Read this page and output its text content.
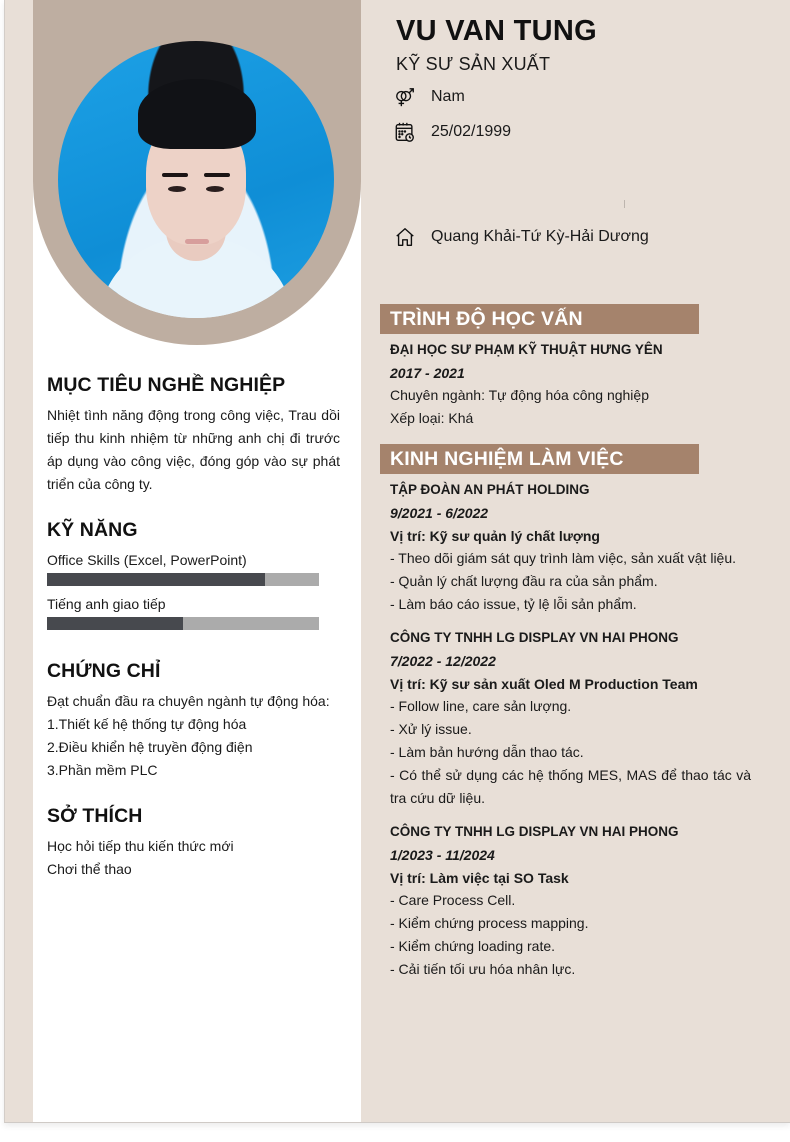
MỤC TIÊU NGHỀ NGHIỆP
Nhiệt tình năng động trong công việc, Trau dồi tiếp thu kinh nhiệm từ những anh chị đi trước áp dụng vào công việc, đóng góp vào sự phát triển của công ty.
KỸ NĂNG
Office Skills (Excel, PowerPoint)
Tiếng anh giao tiếp
CHỨNG CHỈ
Đạt chuẩn đầu ra chuyên ngành tự động hóa:
1.Thiết kế hệ thống tự động hóa
2.Điều khiển hệ truyền động điện
3.Phần mềm PLC
SỞ THÍCH
Học hỏi tiếp thu kiến thức mới
Chơi thể thao
VU VAN TUNG
KỸ SƯ SẢN XUẤT
Nam
25/02/1999
Quang Khải-Tứ Kỳ-Hải Dương
TRÌNH ĐỘ HỌC VẤN
ĐẠI HỌC SƯ PHẠM KỸ THUẬT HƯNG YÊN
2017 - 2021
Chuyên ngành: Tự động hóa công nghiệp
Xếp loại: Khá
KINH NGHIỆM LÀM VIỆC
TẬP ĐOÀN AN PHÁT HOLDING
9/2021 - 6/2022
Vị trí: Kỹ sư quản lý chất lượng
- Theo dõi giám sát quy trình làm việc, sản xuất vật liệu.
- Quản lý chất lượng đầu ra của sản phẩm.
- Làm báo cáo issue, tỷ lệ lỗi sản phẩm.
CÔNG TY TNHH LG DISPLAY VN HAI PHONG
7/2022 - 12/2022
Vị trí: Kỹ sư sản xuất Oled M Production Team
- Follow line, care sản lượng.
- Xử lý issue.
- Làm bản hướng dẫn thao tác.
- Có thể sử dụng các hệ thống MES, MAS để thao tác và tra cứu dữ liệu.
CÔNG TY TNHH LG DISPLAY VN HAI PHONG
1/2023 - 11/2024
Vị trí: Làm việc tại SO Task
- Care Process Cell.
- Kiểm chứng process mapping.
- Kiểm chứng loading rate.
- Cải tiến tối ưu hóa nhân lực.
